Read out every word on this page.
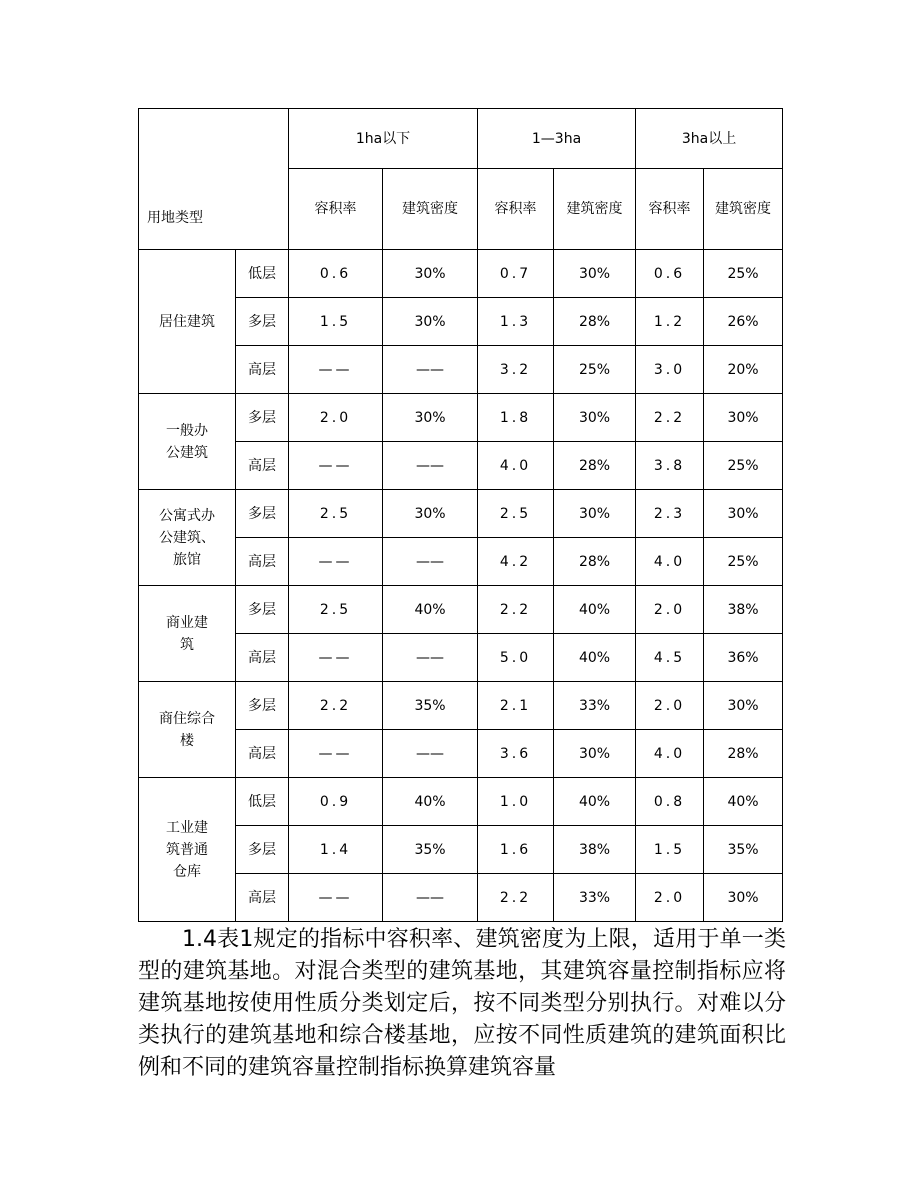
用地类型		1ha以下		1—3ha		3ha以上	
		容积率	建筑密度	容积率	建筑密度	容积率	建筑密度
居住建筑	低层	0.6	30%	0.7	30%	0.6	25%
	多层	1.5	30%	1.3	28%	1.2	26%
	高层	——	——	3.2	25%	3.0	20%
一般办公建筑	多层	2.0	30%	1.8	30%	2.2	30%
	高层	——	——	4.0	28%	3.8	25%
公寓式办公建筑、旅馆	多层	2.5	30%	2.5	30%	2.3	30%
	高层	——	——	4.2	28%	4.0	25%
商业建筑	多层	2.5	40%	2.2	40%	2.0	38%
	高层	——	——	5.0	40%	4.5	36%
商住综合楼	多层	2.2	35%	2.1	33%	2.0	30%
	高层	——	——	3.6	30%	4.0	28%
工业建筑普通仓库	低层	0.9	40%	1.0	40%	0.8	40%
	多层	1.4	35%	1.6	38%	1.5	35%
	高层	——	——	2.2	33%	2.0	30%

1.4表1规定的指标中容积率、建筑密度为上限，适用于单一类型的建筑基地。对混合类型的建筑基地，其建筑容量控制指标应将建筑基地按使用性质分类划定后，按不同类型分别执行。对难以分类执行的建筑基地和综合楼基地，应按不同性质建筑的建筑面积比例和不同的建筑容量控制指标换算建筑容量
